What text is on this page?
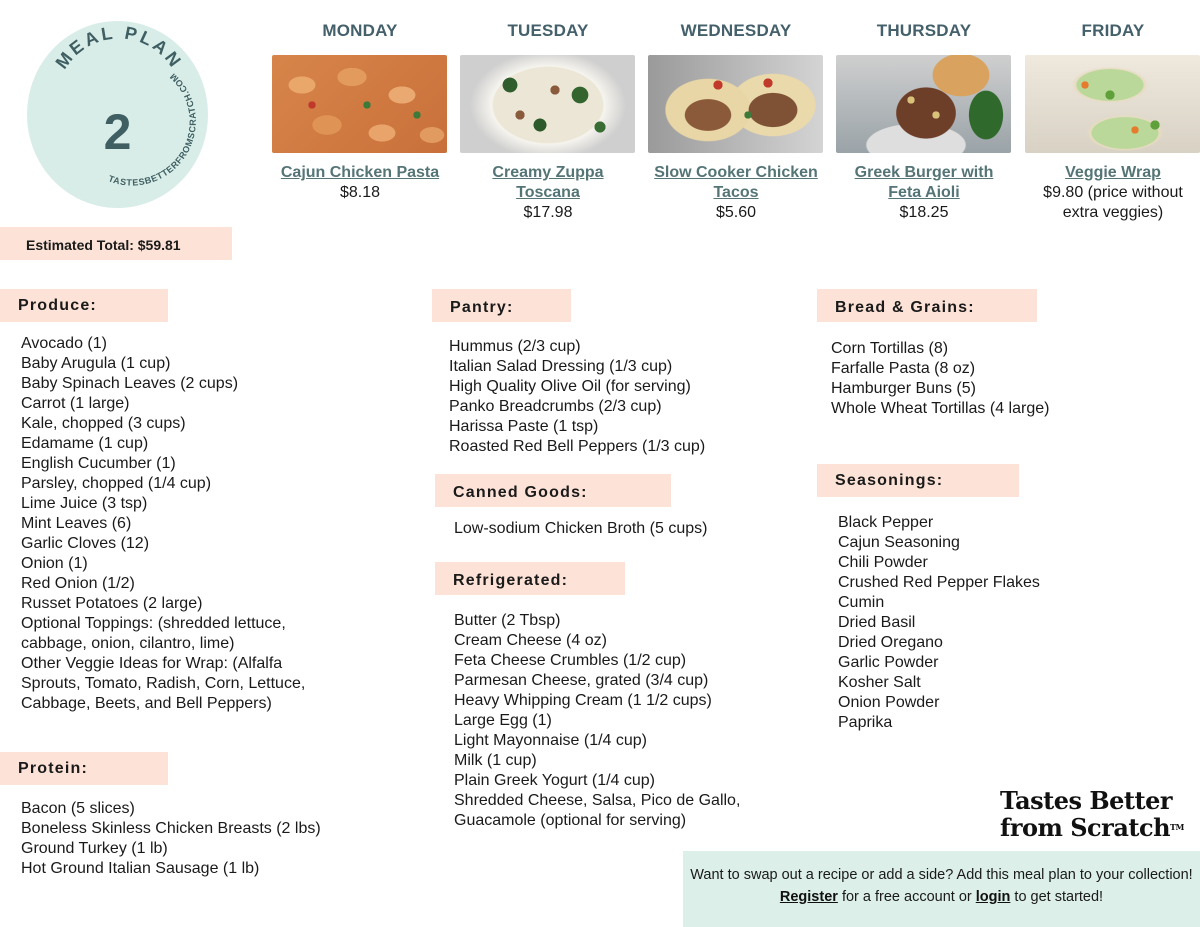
MEAL PLAN
TASTESBETTERFROMSCRATCH.COM
2
MONDAY
Cajun Chicken Pasta
$8.18
TUESDAY
Creamy Zuppa Toscana
$17.98
WEDNESDAY
Slow Cooker Chicken Tacos
$5.60
THURSDAY
Greek Burger with Feta Aioli
$18.25
FRIDAY
Veggie Wrap
$9.80 (price without extra veggies)
Estimated Total: $59.81
Produce:
Avocado (1)
Baby Arugula (1 cup)
Baby Spinach Leaves (2 cups)
Carrot (1 large)
Kale, chopped (3 cups)
Edamame (1 cup)
English Cucumber (1)
Parsley, chopped (1/4 cup)
Lime Juice (3 tsp)
Mint Leaves (6)
Garlic Cloves (12)
Onion (1)
Red Onion (1/2)
Russet Potatoes (2 large)
Optional Toppings: (shredded lettuce, cabbage, onion, cilantro, lime)
Other Veggie Ideas for Wrap: (Alfalfa Sprouts, Tomato, Radish, Corn, Lettuce, Cabbage, Beets, and Bell Peppers)
Protein:
Bacon (5 slices)
Boneless Skinless Chicken Breasts (2 lbs)
Ground Turkey (1 lb)
Hot Ground Italian Sausage (1 lb)
Pantry:
Hummus (2/3 cup)
Italian Salad Dressing (1/3 cup)
High Quality Olive Oil (for serving)
Panko Breadcrumbs (2/3 cup)
Harissa Paste (1 tsp)
Roasted Red Bell Peppers (1/3 cup)
Canned Goods:
Low-sodium Chicken Broth (5 cups)
Refrigerated:
Butter (2 Tbsp)
Cream Cheese (4 oz)
Feta Cheese Crumbles (1/2 cup)
Parmesan Cheese, grated (3/4 cup)
Heavy Whipping Cream (1 1/2 cups)
Large Egg (1)
Light Mayonnaise (1/4 cup)
Milk (1 cup)
Plain Greek Yogurt (1/4 cup)
Shredded Cheese, Salsa, Pico de Gallo, Guacamole (optional for serving)
Bread & Grains:
Corn Tortillas (8)
Farfalle Pasta (8 oz)
Hamburger Buns (5)
Whole Wheat Tortillas (4 large)
Seasonings:
Black Pepper
Cajun Seasoning
Chili Powder
Crushed Red Pepper Flakes
Cumin
Dried Basil
Dried Oregano
Garlic Powder
Kosher Salt
Onion Powder
Paprika
Tastes Better
from Scratch™
Want to swap out a recipe or add a side? Add this meal plan to your collection!
Register for a free account or login to get started!
